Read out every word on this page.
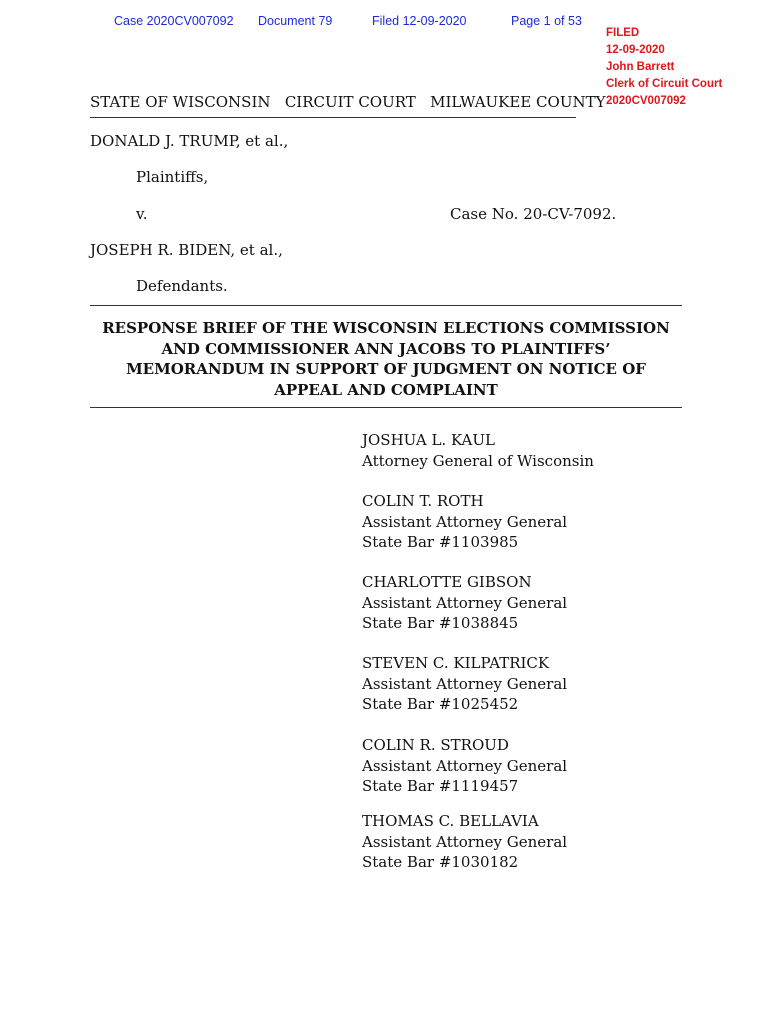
Case 2020CV007092 Document 79	Filed 12-09-2020	Page 1 of 53
FILED
12-09-2020
John Barrett
Clerk of Circuit Court
2020CV007092
STATE OF WISCONSIN   CIRCUIT COURT   MILWAUKEE COUNTY
DONALD J. TRUMP, et al.,
Plaintiffs,
v.	Case No. 20-CV-7092.
JOSEPH R. BIDEN, et al.,
Defendants.
RESPONSE BRIEF OF THE WISCONSIN ELECTIONS COMMISSION
AND COMMISSIONER ANN JACOBS TO PLAINTIFFS’
MEMORANDUM IN SUPPORT OF JUDGMENT ON NOTICE OF
APPEAL AND COMPLAINT
JOSHUA L. KAUL
Attorney General of Wisconsin
COLIN T. ROTH
Assistant Attorney General
State Bar #1103985
CHARLOTTE GIBSON
Assistant Attorney General
State Bar #1038845
STEVEN C. KILPATRICK
Assistant Attorney General
State Bar #1025452
COLIN R. STROUD
Assistant Attorney General
State Bar #1119457
THOMAS C. BELLAVIA
Assistant Attorney General
State Bar #1030182
